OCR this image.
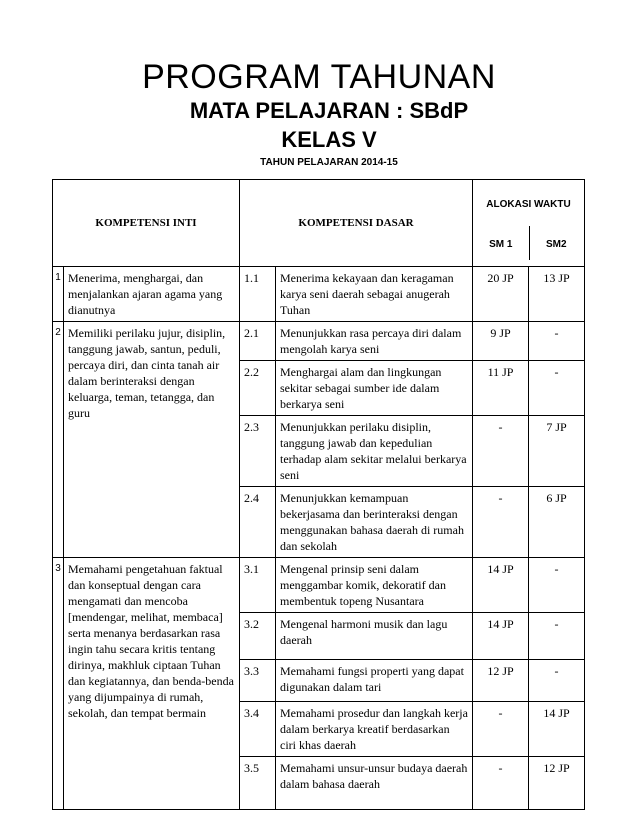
PROGRAM TAHUNAN
MATA PELAJARAN : SBdP
KELAS V
TAHUN PELAJARAN 2014-15
KOMPETENSI INTI		KOMPETENSI DASAR		ALOKASI WAKTU
SM 1 SM2	

1	Menerima, menghargai, dan menjalankan ajaran agama yang dianutnya	1.1	Menerima kekayaan dan keragaman karya seni daerah sebagai anugerah Tuhan	20 JP	13 JP
2	Memiliki perilaku jujur, disiplin, tanggung jawab, santun, peduli, percaya diri, dan cinta tanah air dalam berinteraksi dengan keluarga, teman, tetangga, dan guru	2.1	Menunjukkan rasa percaya diri dalam mengolah karya seni	9 JP	-
		2.2	Menghargai alam dan lingkungan sekitar sebagai sumber ide dalam berkarya seni	11 JP	-
		2.3	Menunjukkan perilaku disiplin, tanggung jawab dan kepedulian terhadap alam sekitar melalui berkarya seni	-	7 JP
		2.4	Menunjukkan kemampuan bekerjasama dan berinteraksi dengan menggunakan bahasa daerah di rumah dan sekolah	-	6 JP
3	Memahami pengetahuan faktual dan konseptual dengan cara mengamati dan mencoba [mendengar, melihat, membaca] serta menanya berdasarkan rasa ingin tahu secara kritis tentang dirinya, makhluk ciptaan Tuhan dan kegiatannya, dan benda-benda yang dijumpainya di rumah, sekolah, dan tempat bermain	3.1	Mengenal prinsip seni dalam menggambar komik, dekoratif dan membentuk topeng Nusantara	14 JP	-
		3.2	Mengenal harmoni musik dan lagu daerah	14 JP	-
		3.3	Memahami fungsi properti yang dapat digunakan dalam tari	12 JP	-
		3.4	Memahami prosedur dan langkah kerja dalam berkarya kreatif berdasarkan ciri khas daerah	-	14 JP
		3.5	Memahami unsur-unsur budaya daerah dalam bahasa daerah	-	12 JP
